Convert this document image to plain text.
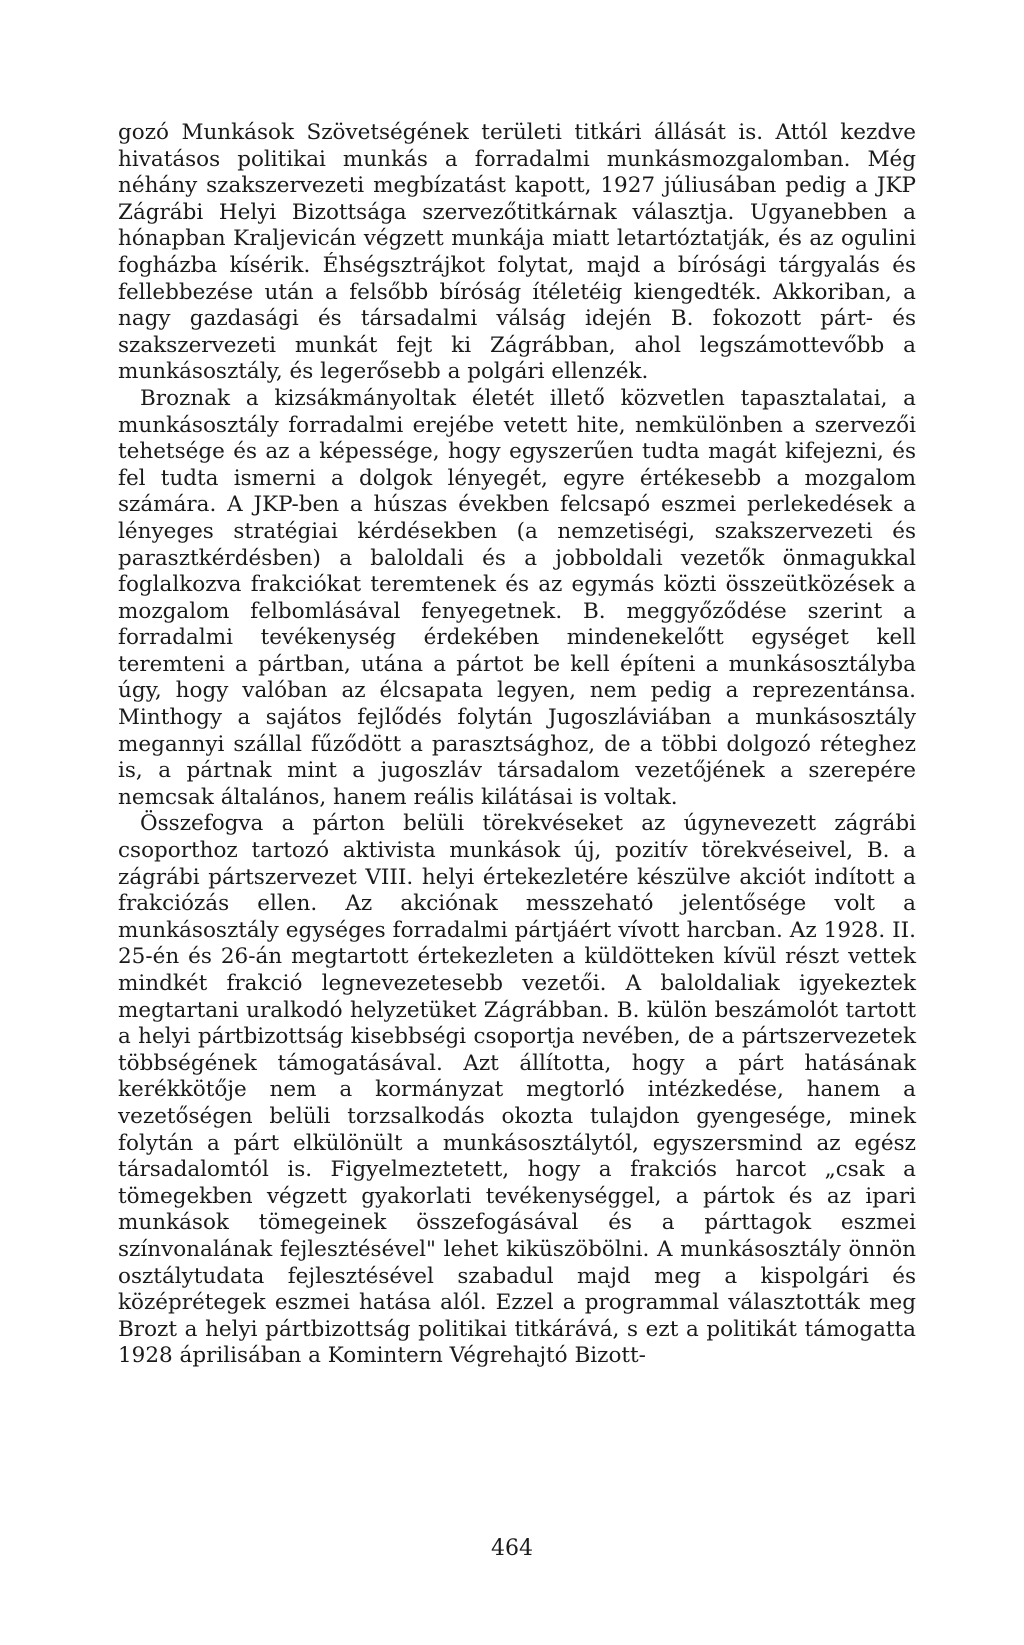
gozó Munkások Szövetségének területi titkári állását is. Attól kezdve hivatásos politikai munkás a forradalmi munkásmozgalomban. Még néhány szakszervezeti megbízatást kapott, 1927 júliusában pedig a JKP Zágrábi Helyi Bizottsága szervezőtitkárnak választja. Ugyanebben a hónapban Kraljevicán végzett munkája miatt letartóztatják, és az ogulini fogházba kísérik. Éhségsztrájkot folytat, majd a bírósági tárgyalás és fellebbezése után a felsőbb bíróság ítéletéig kiengedték. Akkoriban, a nagy gazdasági és társadalmi válság idején B. fokozott párt- és szakszervezeti munkát fejt ki Zágrábban, ahol legszámottevőbb a munkásosztály, és legerősebb a polgári ellenzék.

Broznak a kizsákmányoltak életét illető közvetlen tapasztalatai, a munkásosztály forradalmi erejébe vetett hite, nemkülönben a szervezői tehetsége és az a képessége, hogy egyszerűen tudta magát kifejezni, és fel tudta ismerni a dolgok lényegét, egyre értékesebb a mozgalom számára. A JKP-ben a húszas években felcsapó eszmei perlekedések a lényeges stratégiai kérdésekben (a nemzetiségi, szakszervezeti és parasztkérdésben) a baloldali és a jobboldali vezetők önmagukkal foglalkozva frakciókat teremtenek és az egymás közti összeütközések a mozgalom felbomlásával fenyegetnek. B. meggyőződése szerint a forradalmi tevékenység érdekében mindenekelőtt egységet kell teremteni a pártban, utána a pártot be kell építeni a munkásosztályba úgy, hogy valóban az élcsapata legyen, nem pedig a reprezentánsa. Minthogy a sajátos fejlődés folytán Jugoszláviában a munkásosztály megannyi szállal fűződött a parasztsághoz, de a többi dolgozó réteghez is, a pártnak mint a jugoszláv társadalom vezetőjének a szerepére nemcsak általános, hanem reális kilátásai is voltak.

Összefogva a párton belüli törekvéseket az úgynevezett zágrábi csoporthoz tartozó aktivista munkások új, pozitív törekvéseivel, B. a zágrábi pártszervezet VIII. helyi értekezletére készülve akciót indított a frakciózás ellen. Az akciónak messzeható jelentősége volt a munkásosztály egységes forradalmi pártjáért vívott harcban. Az 1928. II. 25-én és 26-án megtartott értekezleten a küldötteken kívül részt vettek mindkét frakció legnevezetesebb vezetői. A baloldaliak igyekeztek megtartani uralkodó helyzetüket Zágrábban. B. külön beszámolót tartott a helyi pártbizottság kisebbségi csoportja nevében, de a pártszervezetek többségének támogatásával. Azt állította, hogy a párt hatásának kerékkötője nem a kormányzat megtorló intézkedése, hanem a vezetőségen belüli torzsalkodás okozta tulajdon gyengesége, minek folytán a párt elkülönült a munkásosztálytól, egyszersmind az egész társadalomtól is. Figyelmeztetett, hogy a frakciós harcot „csak a tömegekben végzett gyakorlati tevékenységgel, a pártok és az ipari munkások tömegeinek összefogásával és a párttagok eszmei színvonalának fejlesztésével" lehet kiküszöbölni. A munkásosztály önnön osztálytudata fejlesztésével szabadul majd meg a kispolgári és középrétegek eszmei hatása alól. Ezzel a programmal választották meg Brozt a helyi pártbizottság politikai titkárává, s ezt a politikát támogatta 1928 áprilisában a Komintern Végrehajtó Bizott-

464
